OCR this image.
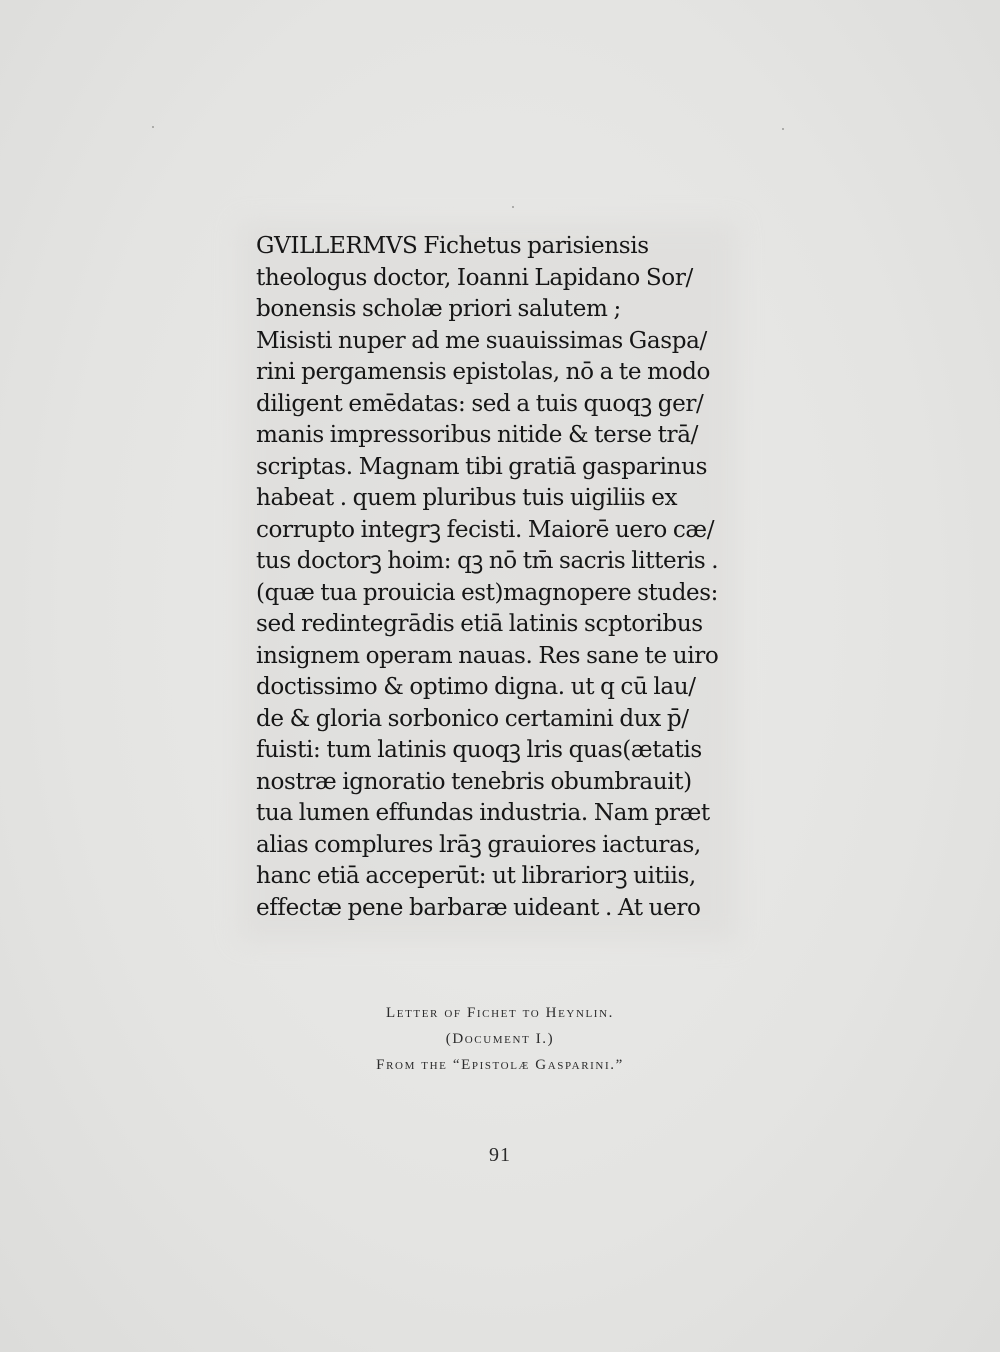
GVILLERMVS Fichetus parisiensis
theologus doctor, Ioanni Lapidano Sor/
bonensis scholæ priori salutem ;
Misisti nuper ad me suauissimas Gaspa/
rini pergamensis epistolas, nō a te modo
diligent emēdatas: sed a tuis quoqꝫ ger/
manis impressoribus nitide & terse trā/
scriptas. Magnam tibi gratiā gasparinus
habeat . quem pluribus tuis uigiliis ex
corrupto integrꝫ fecisti. Maiorē uero cæ/
tus doctorꝫ hoim: qꝫ nō tm̄ sacris litteris .
(quæ tua prouicia est)magnopere studes:
sed redintegrādis etiā latinis scptoribus
insignem operam nauas. Res sane te uiro
doctissimo & optimo digna. ut q cū lau/
de & gloria sorbonico certamini dux p̄/
fuisti: tum latinis quoqꝫ lris quas(ætatis
nostræ ignoratio tenebris obumbrauit)
tua lumen effundas industria. Nam præt
alias complures lrāꝫ grauiores iacturas,
hanc etiā acceperūt: ut librariorꝫ uitiis,
effectæ pene barbaræ uideant . At uero
Letter of Fichet to Heynlin.
(Document I.)
From the “Epistolæ Gasparini.”
91
